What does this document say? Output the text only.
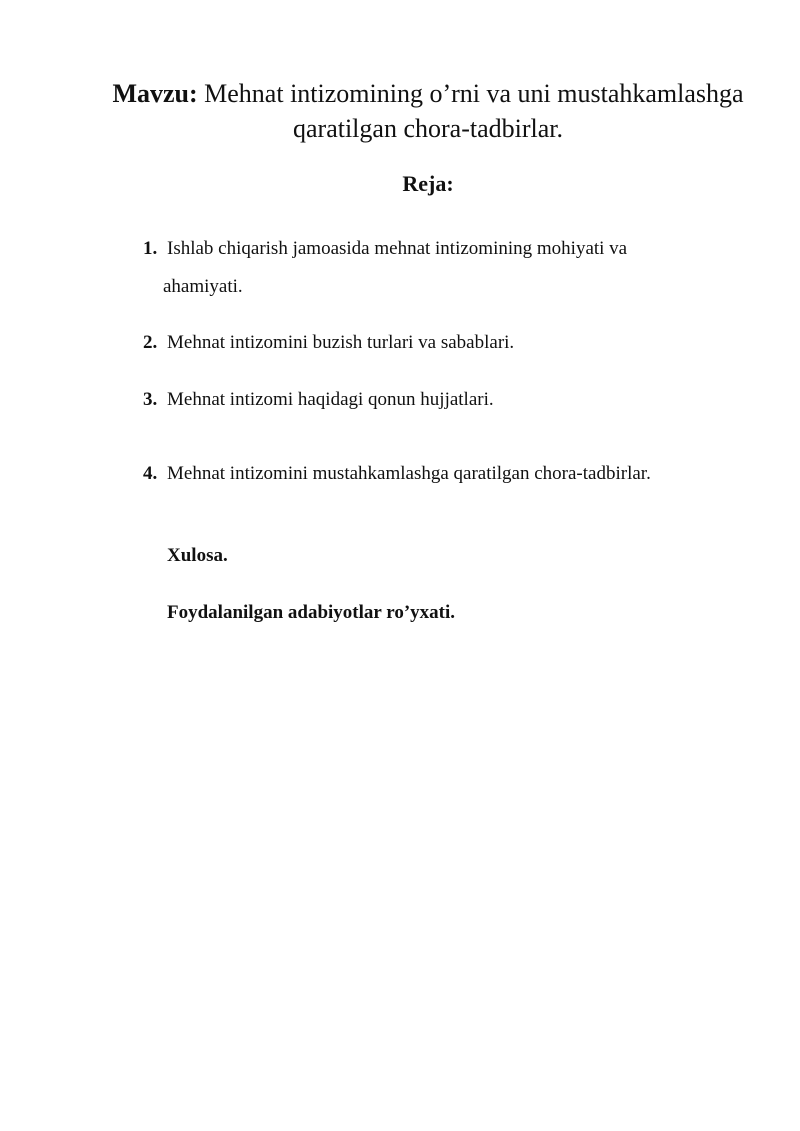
Mavzu: Mehnat intizomining o’rni va uni mustahkamlashga qaratilgan chora-tadbirlar.
Reja:
1. Ishlab chiqarish jamoasida mehnat intizomining mohiyati va
ahamiyati.
2. Mehnat intizomini buzish turlari va sabablari.
3. Mehnat intizomi haqidagi qonun hujjatlari.
4. Mehnat intizomini mustahkamlashga qaratilgan chora-tadbirlar.
Xulosa.
Foydalanilgan adabiyotlar ro’yxati.
